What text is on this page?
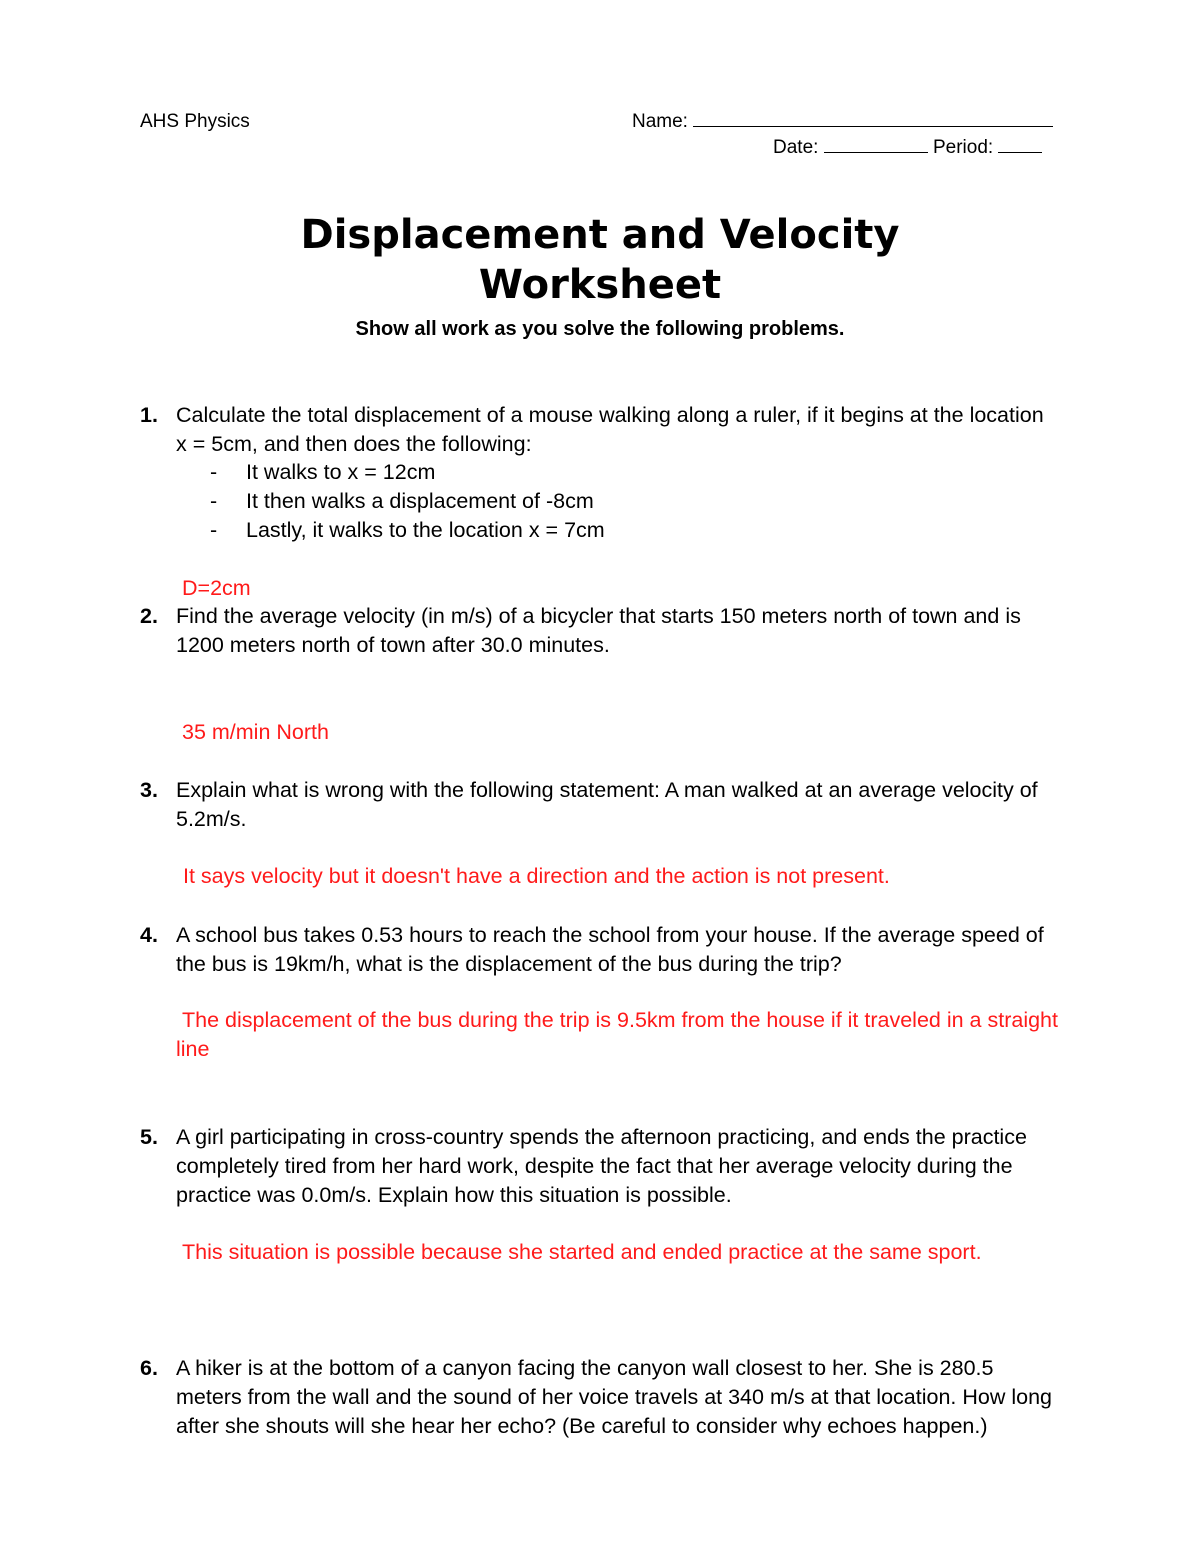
AHS Physics	Name:
Date:	Period:
Displacement and Velocity
Worksheet
Show all work as you solve the following problems.
1. Calculate the total displacement of a mouse walking along a ruler, if it begins at the location x = 5cm, and then does the following:
- It walks to x = 12cm
- It then walks a displacement of -8cm
- Lastly, it walks to the location x = 7cm
D=2cm
2. Find the average velocity (in m/s) of a bicycler that starts 150 meters north of town and is 1200 meters north of town after 30.0 minutes.
35 m/min North
3. Explain what is wrong with the following statement: A man walked at an average velocity of 5.2m/s.
It says velocity but it doesn't have a direction and the action is not present.
4. A school bus takes 0.53 hours to reach the school from your house. If the average speed of the bus is 19km/h, what is the displacement of the bus during the trip?
The displacement of the bus during the trip is 9.5km from the house if it traveled in a straight line
5. A girl participating in cross-country spends the afternoon practicing, and ends the practice completely tired from her hard work, despite the fact that her average velocity during the practice was 0.0m/s. Explain how this situation is possible.
This situation is possible because she started and ended practice at the same sport.
6. A hiker is at the bottom of a canyon facing the canyon wall closest to her. She is 280.5 meters from the wall and the sound of her voice travels at 340 m/s at that location. How long after she shouts will she hear her echo? (Be careful to consider why echoes happen.)
